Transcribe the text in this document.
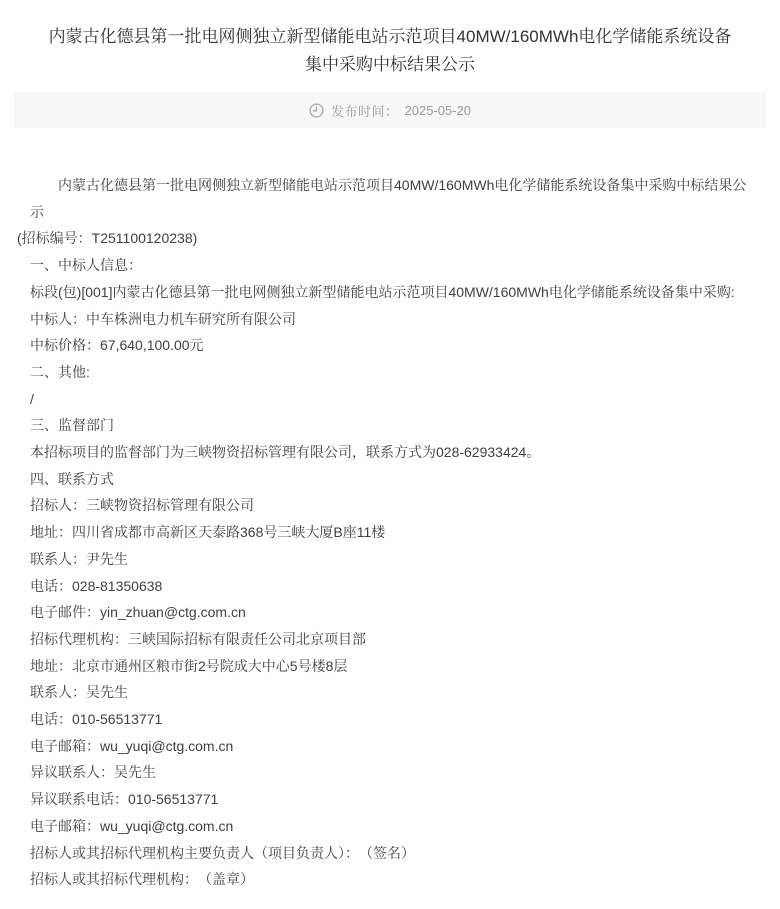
内蒙古化德县第一批电网侧独立新型储能电站示范项目40MW/160MWh电化学储能系统设备
集中采购中标结果公示
发布时间： 2025-05-20

内蒙古化德县第一批电网侧独立新型储能电站示范项目40MW/160MWh电化学储能系统设备集中采购中标结果公示

(招标编号：T251100120238)

一、中标人信息：

标段(包)[001]内蒙古化德县第一批电网侧独立新型储能电站示范项目40MW/160MWh电化学储能系统设备集中采购:

中标人：中车株洲电力机车研究所有限公司

中标价格：67,640,100.00元

二、其他:

/

三、监督部门

本招标项目的监督部门为三峡物资招标管理有限公司，联系方式为028-62933424。

四、联系方式

招标人：三峡物资招标管理有限公司

地址：四川省成都市高新区天泰路368号三峡大厦B座11楼

联系人：尹先生

电话：028-81350638

电子邮件：yin_zhuan@ctg.com.cn

招标代理机构：三峡国际招标有限责任公司北京项目部

地址：北京市通州区粮市街2号院成大中心5号楼8层

联系人：吴先生

电话：010-56513771

电子邮箱：wu_yuqi@ctg.com.cn

异议联系人：吴先生

异议联系电话：010-56513771

电子邮箱：wu_yuqi@ctg.com.cn

招标人或其招标代理机构主要负责人（项目负责人）：　（签名）

招标人或其招标代理机构：　（盖章）
